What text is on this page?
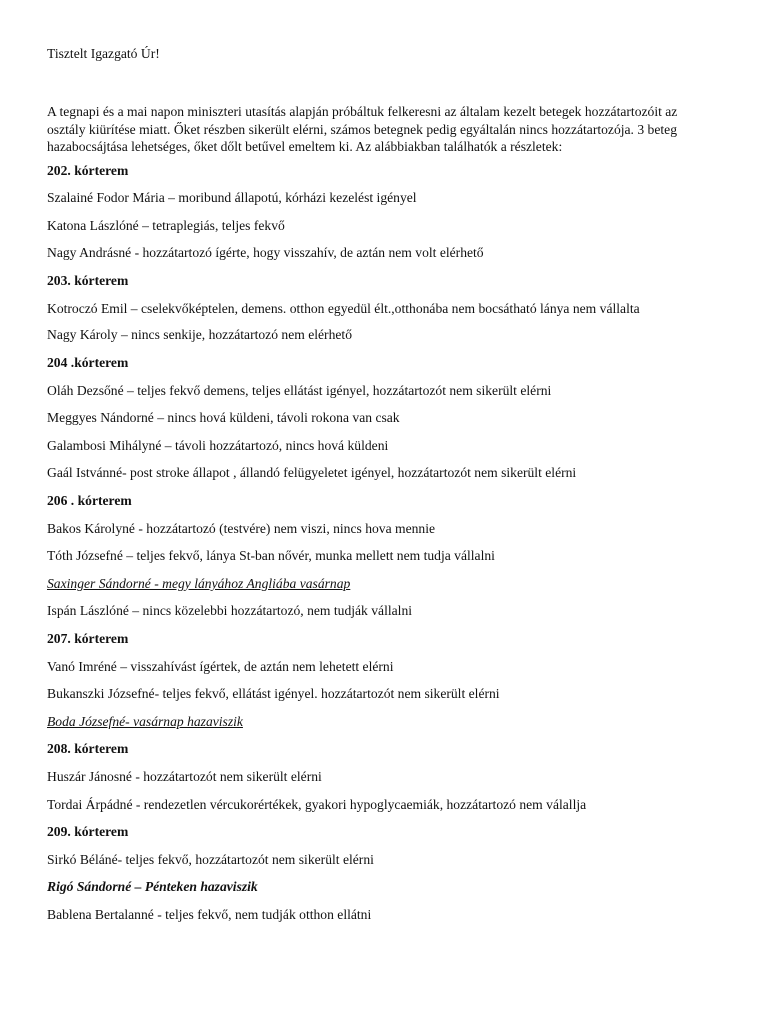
Tisztelt Igazgató Úr!

A tegnapi és a mai napon miniszteri utasítás alapján próbáltuk felkeresni az általam kezelt betegek hozzátartozóit az osztály kiürítése miatt. Őket részben sikerült elérni, számos betegnek pedig egyáltalán nincs hozzátartozója. 3 beteg hazabocsájtása lehetséges, őket dőlt betűvel emeltem ki. Az alábbiakban találhatók a részletek:

202. kórterem

Szalainé Fodor Mária – moribund állapotú, kórházi kezelést igényel

Katona Lászlóné – tetraplegiás, teljes fekvő

Nagy Andrásné - hozzátartozó ígérte, hogy visszahív, de aztán nem volt elérhető

203. kórterem

Kotroczó Emil – cselekvőképtelen, demens. otthon egyedül élt.,otthonába nem bocsátható lánya nem vállalta

Nagy Károly – nincs senkije, hozzátartozó nem elérhető

204 .kórterem

Oláh Dezsőné – teljes fekvő demens, teljes ellátást igényel, hozzátartozót nem sikerült elérni

Meggyes Nándorné – nincs hová küldeni, távoli rokona van csak

Galambosi Mihályné – távoli hozzátartozó, nincs hová küldeni

Gaál Istvánné- post stroke állapot , állandó felügyeletet igényel, hozzátartozót nem sikerült elérni

206 . kórterem

Bakos Károlyné - hozzátartozó (testvére) nem viszi, nincs hova mennie

Tóth Józsefné – teljes fekvő, lánya St-ban nővér, munka mellett nem tudja vállalni

Saxinger Sándorné - megy lányához Angliába vasárnap

Ispán Lászlóné – nincs közelebbi hozzátartozó, nem tudják vállalni

207. kórterem

Vanó Imréné – visszahívást ígértek, de aztán nem lehetett elérni

Bukanszki Józsefné- teljes fekvő, ellátást igényel. hozzátartozót nem sikerült elérni

Boda Józsefné- vasárnap hazaviszik

208. kórterem

Huszár Jánosné - hozzátartozót nem sikerült elérni

Tordai Árpádné - rendezetlen vércukorértékek, gyakori hypoglycaemiák, hozzátartozó nem válallja

209. kórterem

Sirkó Béláné- teljes fekvő, hozzátartozót nem sikerült elérni

Rigó Sándorné – Pénteken hazaviszik

Bablena Bertalanné - teljes fekvő, nem tudják otthon ellátni
